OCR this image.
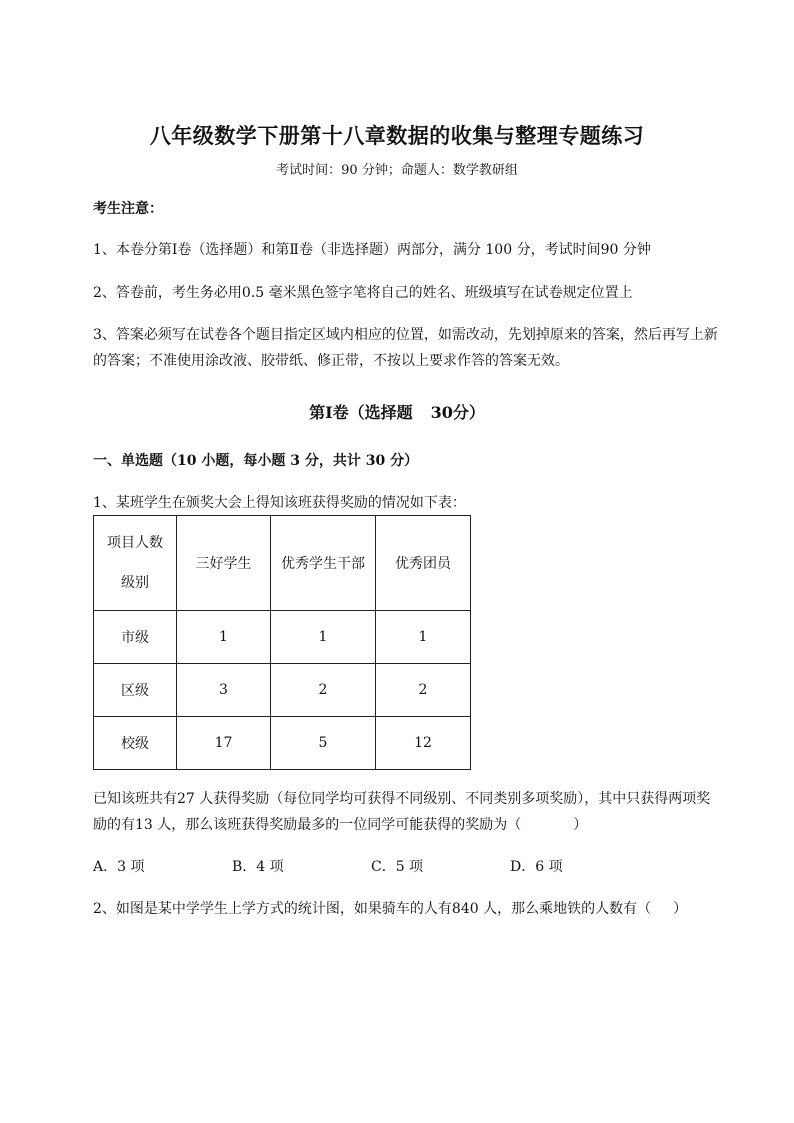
八年级数学下册第十八章数据的收集与整理专题练习
考试时间：90 分钟；命题人：数学教研组
考生注意：
1、本卷分第Ⅰ卷（选择题）和第Ⅱ卷（非选择题）两部分，满分 100 分，考试时间90 分钟
2、答卷前，考生务必用0.5 毫米黑色签字笔将自己的姓名、班级填写在试卷规定位置上
3、答案必须写在试卷各个题目指定区域内相应的位置，如需改动，先划掉原来的答案，然后再写上新
的答案；不准使用涂改液、胶带纸、修正带，不按以上要求作答的答案无效。
第Ⅰ卷（选择题 30分）
一、单选题（10 小题，每小题 3 分，共计 30 分）
1、某班学生在颁奖大会上得知该班获得奖励的情况如下表：
项目人数
级别	三好学生	优秀学生干部	优秀团员
市级	1	1	1
区级	3	2	2
校级	17	5	12
已知该班共有27 人获得奖励（每位同学均可获得不同级别、不同类别多项奖励），其中只获得两项奖
励的有13 人，那么该班获得奖励最多的一位同学可能获得的奖励为（	）
A．3 项	B．4 项	C．5 项	D．6 项
2、如图是某中学学生上学方式的统计图，如果骑车的人有840 人，那么乘地铁的人数有（ ）
